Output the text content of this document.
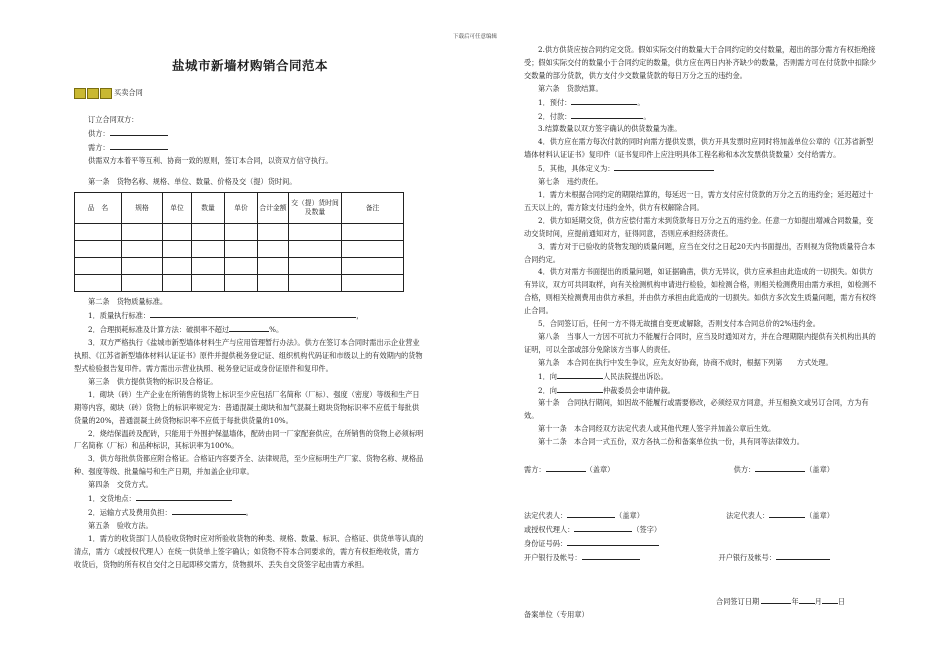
下载后可任意编辑
盐城市新墙材购销合同范本
买卖合同

订立合同双方：

供方：

需方：

供需双方本着平等互利、协商一致的原则，签订本合同，以资双方信守执行。

第一条　货物名称、规格、单位、数量、价格及交（提）货时间。

品　名	规格	单位	数量	单价	合计金额	交（提）货时间及数量	备注

第二条　货物质量标准。

1．质量执行标准：	，

2．合理损耗标准及计算方法：破损率不超过	%。

3．双方严格执行《盐城市新型墙体材料生产与应用管理暂行办法》。供方在签订本合同时需出示企业营业执照、《江苏省新型墙体材料认证证书》原件并提供税务登记证、组织机构代码证和市级以上的有效期内的货物型式检验报告复印件。需方需出示营业执照、税务登记证或身份证原件和复印件。

第三条　供方提供货物的标识及合格证。

1．砌块（砖）生产企业在所销售的货物上标识至少应包括厂名简称（厂标）、强度（密度）等级和生产日期等内容，砌块（砖）货物上的标识率规定为：普通混凝土砌块和加气混凝土砌块货物标识率不应低于每批供货量的20%，普通混凝土砖货物标识率不应低于每批供货量的10%。

2．烧结保温砖及配砖，只能用于外围护保温墙体，配砖由同一厂家配套供应，在所销售的货物上必须标明厂名简称（厂标）和品种标识，其标识率为100%。

3．供方每批供货都应附合格证。合格证内容要齐全、法律规范，至少应标明生产厂家、货物名称、规格品种、强度等级、批量编号和生产日期，并加盖企业印章。

第四条　交货方式。

1．交货地点：

2．运输方式及费用负担：	。

第五条　验收方法。

1．需方的收货部门人员验收货物时应对所验收货物的种类、规格、数量、标识、合格证、供货单等认真的清点，需方（或授权代理人）在统一供货单上签字确认；如货物不符本合同要求的，需方有权拒绝收货，需方收货后，货物的所有权自交付之日起即移交需方，货物损坏、丢失自交货签字起由需方承担。

2.供方供货应按合同约定交货。假如实际交付的数量大于合同约定的交付数量，超出的部分需方有权拒绝接受；假如实际交付的数量小于合同约定的数量，供方应在两日内补齐缺少的数量，否则需方可在付货款中扣除少交数量的部分货款，供方支付少交数量货款的每日万分之五的违约金。

第六条　货款结算。

1．预付：	。

2．付款：	。

3.结算数量以双方签字确认的供货数量为准。

4．供方应在需方每次付款的同时向需方提供发票，供方开具发票时应同时将加盖单位公章的《江苏省新型墙体材料认证证书》复印件（证书复印件上应注明具体工程名称和本次发票供货数量）交付给需方。

5．其他，具体定义为：

第七条　违约责任。

1．需方未根据合同约定的期限结算的，每延迟一日，需方支付应付货款的万分之五的违约金；延迟超过十五天以上的，需方除支付违约金外，供方有权解除合同。

2．供方如延期交货，供方应偿付需方未到货款每日万分之五的违约金。任意一方如提出增减合同数量，变动交货时间，应提前通知对方，征得同意，否则应承担经济责任。

3．需方对于已验收的货物发现的质量问题，应当在交付之日起20天内书面提出，否则视为货物质量符合本合同约定。

4．供方对需方书面提出的质量问题，如证据确凿，供方无异议，供方应承担由此造成的一切损失。如供方有异议，双方可共同取样，向有关检测机构申请进行检验，如检测合格，则相关检测费用由需方承担，如检测不合格，则相关检测费用由供方承担，并由供方承担由此造成的一切损失。如供方多次发生质量问题，需方有权终止合同。

5．合同签订后，任何一方不得无故擅自变更或解除，否则支付本合同总价的2%违约金。

第八条　当事人一方因不可抗力不能履行合同时，应当及时通知对方，并在合理期限内提供有关机构出具的证明，可以全部或部分免除该方当事人的责任。

第九条　本合同在执行中发生争议，应先友好协商，协商不成时，根据下列第　　方式处理。

1．向	人民法院提出诉讼。

2．向	仲裁委员会申请仲裁。

第十条　合同执行期间，如因故不能履行或需要修改，必须经双方同意，并互相换文或另订合同，方为有效。

第十一条　本合同经双方法定代表人或其他代理人签字并加盖公章后生效。

第十二条　本合同一式五份，双方各执二份和备案单位执一份，具有同等法律效力。

需方：	（盖章）	供方：	（盖章）
法定代表人：	（盖章）	法定代表人：	（盖章）

或授权代理人：	（签字）

身份证号码：

开户银行及帐号：	开户银行及帐号：

合同签订日期	年 月 日

备案单位（专用章）
